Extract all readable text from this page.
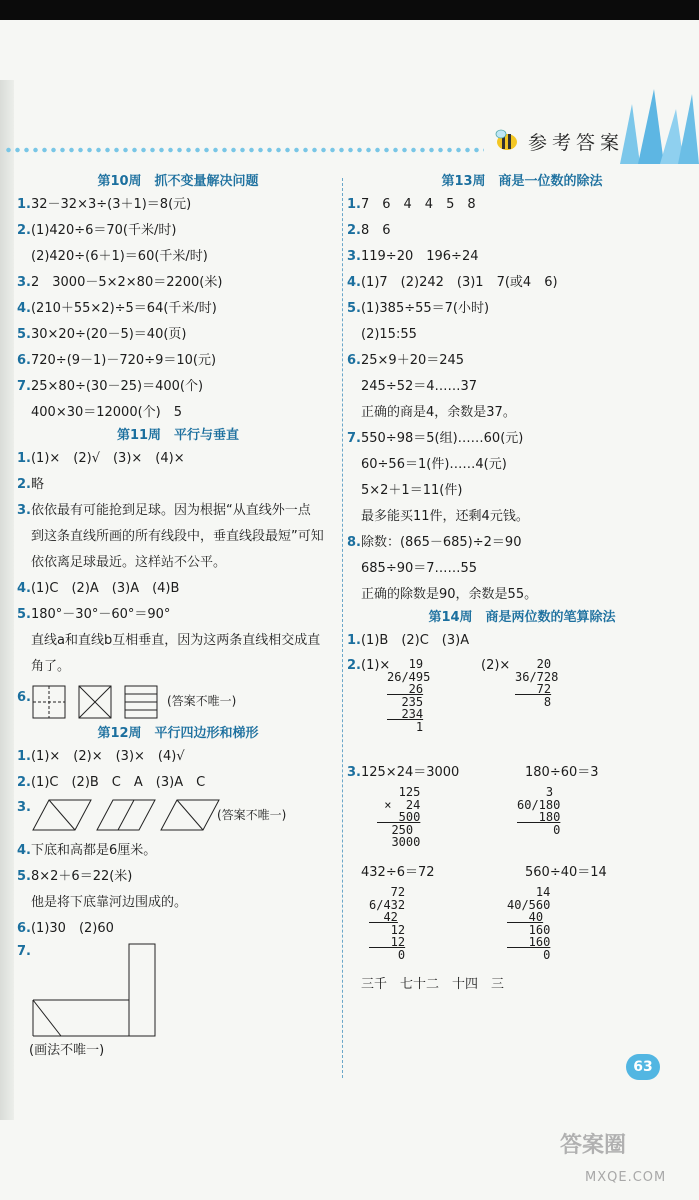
参考答案
第10周　抓不变量解决问题
1.32－32×3÷(3＋1)＝8(元)
2.(1)420÷6＝70(千米/时)
(2)420÷(6＋1)＝60(千米/时)
3.2　3000－5×2×80＝2200(米)
4.(210＋55×2)÷5＝64(千米/时)
5.30×20÷(20－5)＝40(页)
6.720÷(9－1)－720÷9＝10(元)
7.25×80÷(30－25)＝400(个)
400×30＝12000(个)　5
第11周　平行与垂直
1.(1)×　(2)√　(3)×　(4)×
2.略
3.依依最有可能抢到足球。因为根据“从直线外一点
到这条直线所画的所有线段中，垂直线段最短”可知
依依离足球最近。这样站不公平。
4.(1)C　(2)A　(3)A　(4)B
5.180°－30°－60°＝90°
直线a和直线b互相垂直，因为这两条直线相交成直
角了。
6.	(答案不唯一)
第12周　平行四边形和梯形
1.(1)×　(2)×　(3)×　(4)√
2.(1)C　(2)B　C　A　(3)A　C
3.	(答案不唯一)
4.下底和高都是6厘米。
5.8×2＋6＝22(米)
他是将下底靠河边围成的。
6.(1)30　(2)60
7.
(画法不唯一)
第13周　商是一位数的除法
1.7　6　4　4　5　8
2.8　6
3.119÷20　196÷24
4.(1)7　(2)242　(3)1　7(或4　6)
5.(1)385÷55＝7(小时)
(2)15:55
6.25×9＋20＝245
245÷52＝4……37
正确的商是4，余数是37。
7.550÷98＝5(组)……60(元)
60÷56＝1(件)……4(元)
5×2＋1＝11(件)
最多能买11件，还剩4元钱。
8.除数：(865－685)÷2＝90
685÷90＝7……55
正确的除数是90，余数是55。
第14周　商是两位数的笔算除法
1.(1)B　(2)C　(3)A
2. (1)×
19
26/495
26
235
234
1
(2)× 20
36/728
72
8
3.125×24＝3000	180÷60＝3
125
×  24
500
250
3000
3
60/180
180
0
432÷6＝72	560÷40＝14
72
6/432
42
12
12
0
14
40/560
40
160
160
0
三千　七十二　十四　三
63
答案圈
MXQE.COM
